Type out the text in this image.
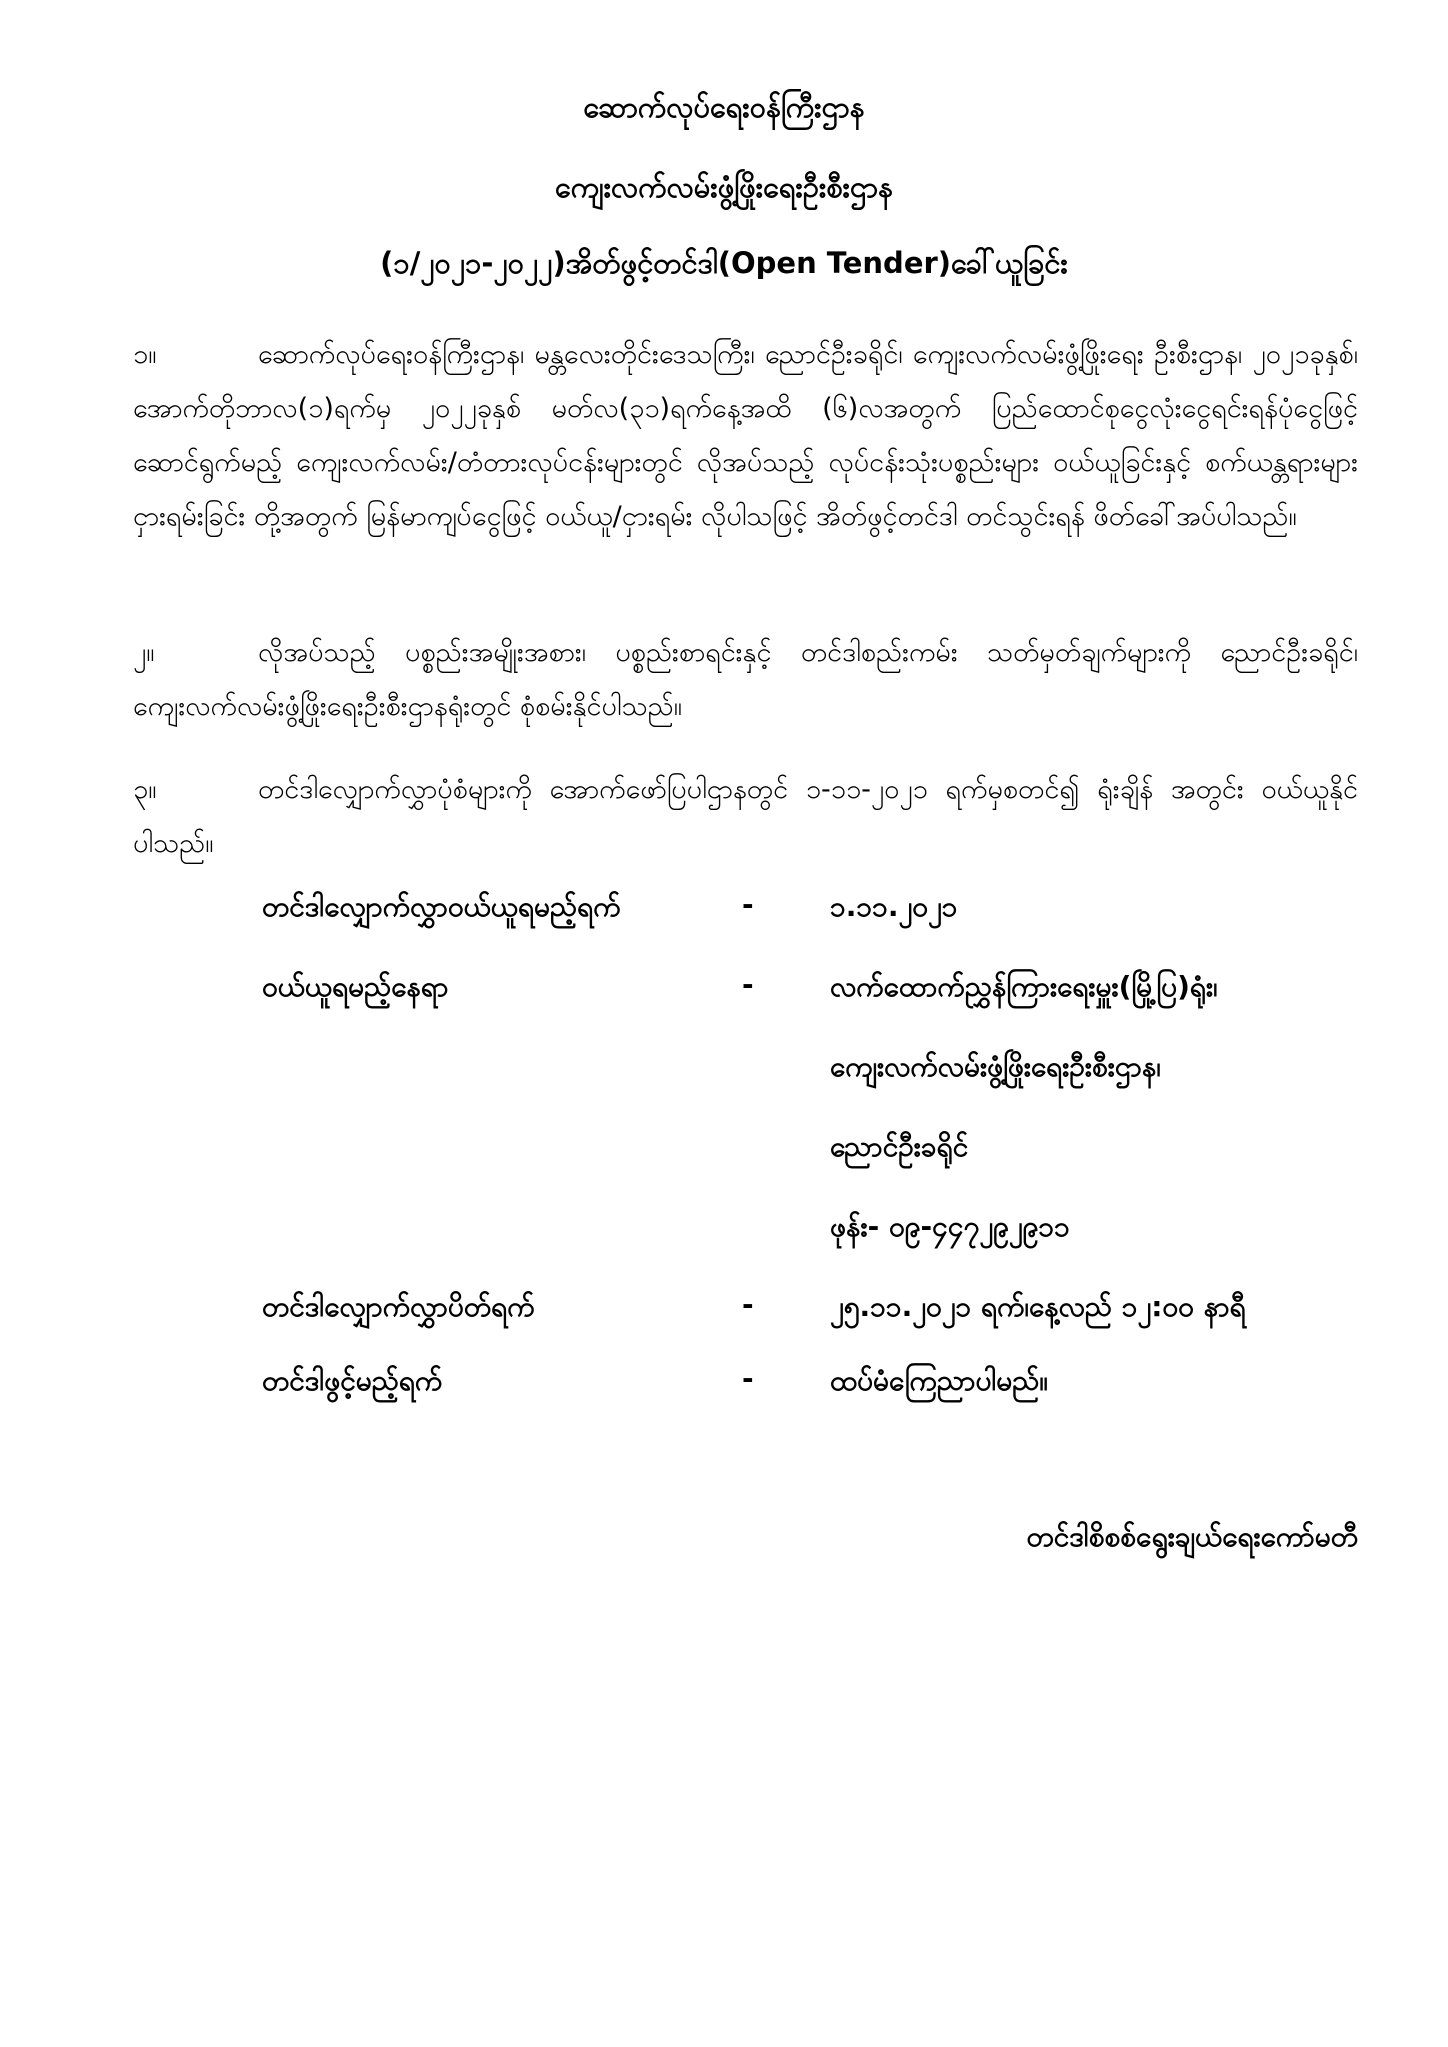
ဆောက်လုပ်ရေးဝန်ကြီးဌာန
ကျေးလက်လမ်းဖွံ့ဖြိုးရေးဦးစီးဌာန
(၁/၂၀၂၁-၂၀၂၂)အိတ်ဖွင့်တင်ဒါ(Open Tender)ခေါ်ယူခြင်း
၁။	ဆောက်လုပ်ရေးဝန်ကြီးဌာန၊ မန္တလေးတိုင်းဒေသကြီး၊ ညောင်ဦးခရိုင်၊ ကျေးလက်လမ်းဖွံ့ဖြိုးရေး ဦးစီးဌာန၊ ၂၀၂၁ခုနှစ်၊ အောက်တိုဘာလ(၁)ရက်မှ ၂၀၂၂ခုနှစ် မတ်လ(၃၁)ရက်နေ့အထိ (၆)လအတွက် ပြည်ထောင်စုငွေလုံးငွေရင်းရန်ပုံငွေဖြင့် ဆောင်ရွက်မည့် ကျေးလက်လမ်း/တံတားလုပ်ငန်းများတွင် လိုအပ်သည့် လုပ်ငန်းသုံးပစ္စည်းများ ဝယ်ယူခြင်းနှင့် စက်ယန္တရားများ ငှားရမ်းခြင်း တို့အတွက် မြန်မာကျပ်ငွေဖြင့် ဝယ်ယူ/ငှားရမ်း လိုပါသဖြင့် အိတ်ဖွင့်တင်ဒါ တင်သွင်းရန် ဖိတ်ခေါ်အပ်ပါသည်။
၂။	လိုအပ်သည့် ပစ္စည်းအမျိုးအစား၊ ပစ္စည်းစာရင်းနှင့် တင်ဒါစည်းကမ်း သတ်မှတ်ချက်များကို ညောင်ဦးခရိုင်၊ ကျေးလက်လမ်းဖွံ့ဖြိုးရေးဦးစီးဌာနရုံးတွင် စုံစမ်းနိုင်ပါသည်။
၃။	တင်ဒါလျှောက်လွှာပုံစံများကို အောက်ဖော်ပြပါဌာနတွင် ၁-၁၁-၂၀၂၁ ရက်မှစတင်၍ ရုံးချိန် အတွင်း ဝယ်ယူနိုင်ပါသည်။
တင်ဒါလျှောက်လွှာဝယ်ယူရမည့်ရက်	-	၁.၁၁.၂၀၂၁
ဝယ်ယူရမည့်နေရာ	-	လက်ထောက်ညွှန်ကြားရေးမှူး(မြို့ပြ)ရုံး၊
ကျေးလက်လမ်းဖွံ့ဖြိုးရေးဦးစီးဌာန၊
ညောင်ဦးခရိုင်
ဖုန်း- ၀၉-၄၄၇၂၉၂၉၁၁
တင်ဒါလျှောက်လွှာပိတ်ရက်	-	၂၅.၁၁.၂၀၂၁ ရက်၊နေ့လည် ၁၂:၀၀ နာရီ
တင်ဒါဖွင့်မည့်ရက်	-	ထပ်မံကြေညာပါမည်။
တင်ဒါစိစစ်ရွေးချယ်ရေးကော်မတီ
